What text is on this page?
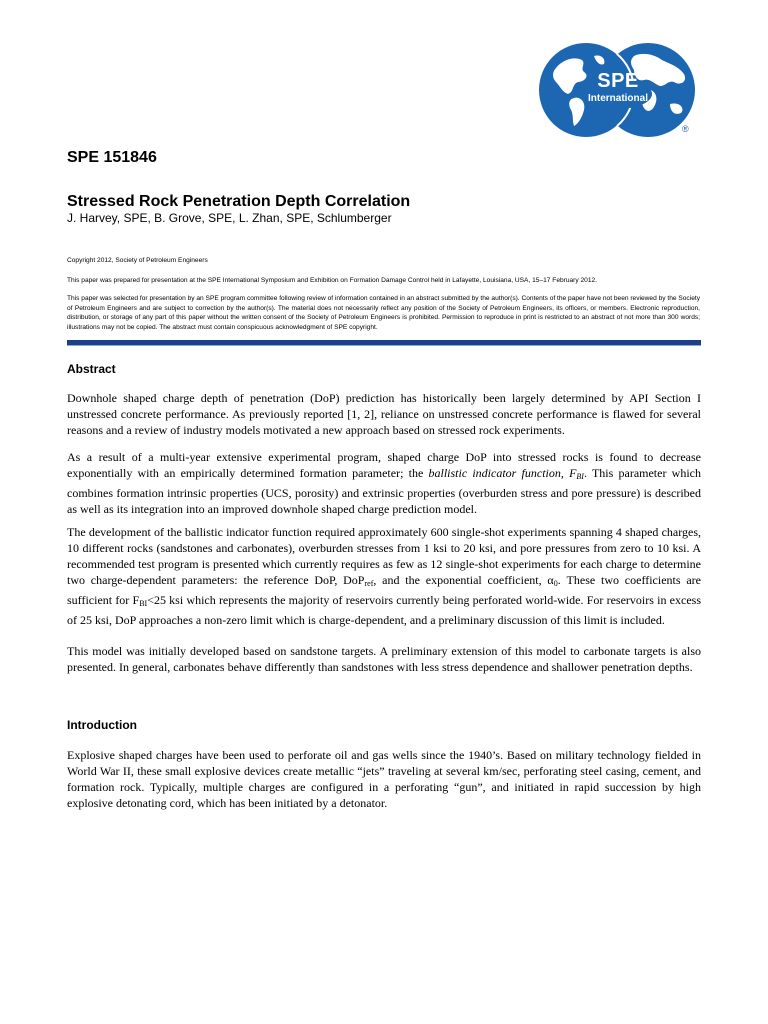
SPE
International
®
SPE 151846
Stressed Rock Penetration Depth Correlation

J. Harvey, SPE, B. Grove, SPE, L. Zhan, SPE, Schlumberger

Copyright 2012, Society of Petroleum Engineers

This paper was prepared for presentation at the SPE International Symposium and Exhibition on Formation Damage Control held in Lafayette, Louisiana, USA, 15–17 February 2012.

This paper was selected for presentation by an SPE program committee following review of information contained in an abstract submitted by the author(s). Contents of the paper have not been reviewed by the Society of Petroleum Engineers and are subject to correction by the author(s). The material does not necessarily reflect any position of the Society of Petroleum Engineers, its officers, or members. Electronic reproduction, distribution, or storage of any part of this paper without the written consent of the Society of Petroleum Engineers is prohibited. Permission to reproduce in print is restricted to an abstract of not more than 300 words; illustrations may not be copied. The abstract must contain conspicuous acknowledgment of SPE copyright.

Abstract

Downhole shaped charge depth of penetration (DoP) prediction has historically been largely determined by API Section I unstressed concrete performance. As previously reported [1, 2], reliance on unstressed concrete performance is flawed for several reasons and a review of industry models motivated a new approach based on stressed rock experiments.

As a result of a multi-year extensive experimental program, shaped charge DoP into stressed rocks is found to decrease exponentially with an empirically determined formation parameter; the ballistic indicator function, $F_{BI}$. This parameter which combines formation intrinsic properties (UCS, porosity) and extrinsic properties (overburden stress and pore pressure) is described as well as its integration into an improved downhole shaped charge prediction model.

The development of the ballistic indicator function required approximately 600 single-shot experiments spanning 4 shaped charges, 10 different rocks (sandstones and carbonates), overburden stresses from 1 ksi to 20 ksi, and pore pressures from zero to 10 ksi. A recommended test program is presented which currently requires as few as 12 single-shot experiments for each charge to determine two charge-dependent parameters: the reference DoP, DoP$_{ref}$, and the exponential coefficient, $\alpha_0$. These two coefficients are sufficient for $F_{BI}<25$ ksi which represents the majority of reservoirs currently being perforated world-wide. For reservoirs in excess of 25 ksi, DoP approaches a non-zero limit which is charge-dependent, and a preliminary discussion of this limit is included.

This model was initially developed based on sandstone targets. A preliminary extension of this model to carbonate targets is also presented. In general, carbonates behave differently than sandstones with less stress dependence and shallower penetration depths.

Introduction

Explosive shaped charges have been used to perforate oil and gas wells since the 1940’s. Based on military technology fielded in World War II, these small explosive devices create metallic “jets” traveling at several km/sec, perforating steel casing, cement, and formation rock. Typically, multiple charges are configured in a perforating “gun”, and initiated in rapid succession by high explosive detonating cord, which has been initiated by a detonator.
